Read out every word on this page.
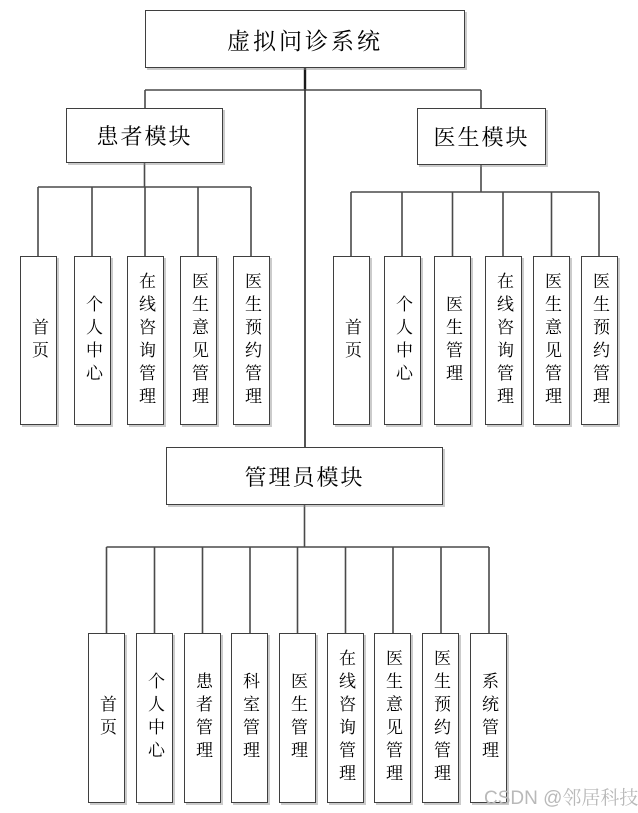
虚拟问诊系统
患者模块	医生模块
管理员模块
首页 个人中心 在线咨询管理 医生意见管理 医生预约管理	首页 个人中心 医生管理 在线咨询管理 医生意见管理 医生预约管理
首页 个人中心 患者管理 科室管理 医生管理 在线咨询管理 医生意见管理 医生预约管理 系统管理
CSDN @邻居科技
